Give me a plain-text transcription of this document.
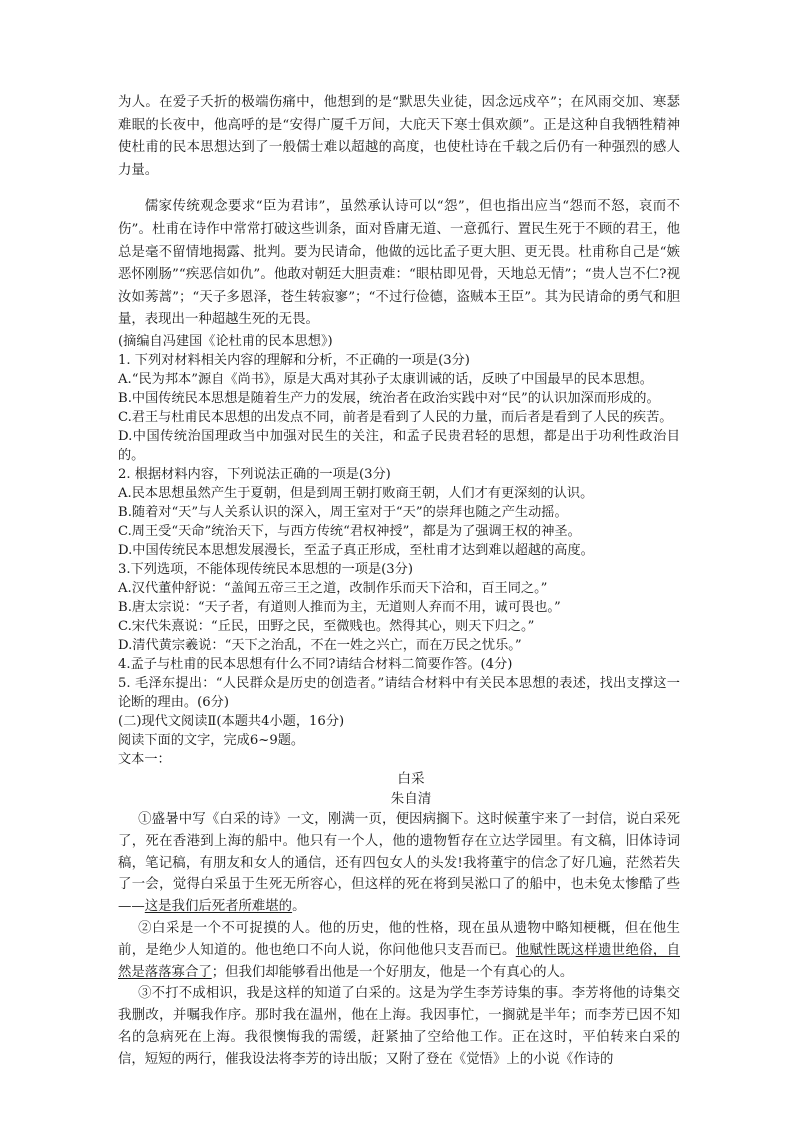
为人。在爱子夭折的极端伤痛中，他想到的是“默思失业徒，因念远戍卒”；在风雨交加、寒瑟难眠的长夜中，他高呼的是“安得广厦千万间，大庇天下寒士俱欢颜”。正是这种自我牺牲精神使杜甫的民本思想达到了一般儒士难以超越的高度，也使杜诗在千载之后仍有一种强烈的感人力量。

儒家传统观念要求“臣为君讳”，虽然承认诗可以“怨”，但也指出应当“怨而不怒，哀而不伤”。杜甫在诗作中常常打破这些训条，面对昏庸无道、一意孤行、置民生死于不顾的君王，他总是毫不留情地揭露、批判。要为民请命，他做的远比孟子更大胆、更无畏。杜甫称自己是“嫉恶怀刚肠”“疾恶信如仇”。他敢对朝廷大胆责难：“眼枯即见骨，天地总无情”；“贵人岂不仁?视汝如莠蒿”；“天子多恩泽，苍生转寂寥”；“不过行俭德，盗贼本王臣”。其为民请命的勇气和胆量，表现出一种超越生死的无畏。

(摘编自冯建国《论杜甫的民本思想》)

1. 下列对材料相关内容的理解和分析，不正确的一项是(3分)

A.“民为邦本”源自《尚书》，原是大禹对其孙子太康训诫的话，反映了中国最早的民本思想。

B.中国传统民本思想是随着生产力的发展，统治者在政治实践中对“民”的认识加深而形成的。

C.君王与杜甫民本思想的出发点不同，前者是看到了人民的力量，而后者是看到了人民的疾苦。

D.中国传统治国理政当中加强对民生的关注，和孟子民贵君轻的思想，都是出于功利性政治目的。

2. 根据材料内容，下列说法正确的一项是(3分)

A.民本思想虽然产生于夏朝，但是到周王朝打败商王朝，人们才有更深刻的认识。

B.随着对“天”与人关系认识的深入，周王室对于“天”的崇拜也随之产生动摇。

C.周王受“天命”统治天下，与西方传统“君权神授”，都是为了强调王权的神圣。

D.中国传统民本思想发展漫长，至孟子真正形成，至杜甫才达到难以超越的高度。

3.下列选项，不能体现传统民本思想的一项是(3分)

A.汉代董仲舒说：“盖闻五帝三王之道，改制作乐而天下洽和，百王同之。”

B.唐太宗说：“天子者，有道则人推而为主，无道则人弃而不用，诚可畏也。”

C.宋代朱熹说：“丘民，田野之民，至微贱也。然得其心，则天下归之。”

D.清代黄宗羲说：“天下之治乱，不在一姓之兴亡，而在万民之忧乐。”

4.孟子与杜甫的民本思想有什么不同?请结合材料二简要作答。(4分)

5. 毛泽东提出：“人民群众是历史的创造者。”请结合材料中有关民本思想的表述，找出支撑这一论断的理由。(6分)

(二)现代文阅读Ⅱ(本题共4小题，16分)

阅读下面的文字，完成6~9题。

文本一：

白采

朱自清

①盛暑中写《白采的诗》一文，刚满一页，便因病搁下。这时候董宇来了一封信，说白采死了，死在香港到上海的船中。他只有一个人，他的遗物暂存在立达学园里。有文稿，旧体诗词稿，笔记稿，有朋友和女人的通信，还有四包女人的头发!我将董宇的信念了好几遍，茫然若失了一会，觉得白采虽于生死无所容心，但这样的死在将到吴淞口了的船中，也未免太惨酷了些——这是我们后死者所难堪的。

②白采是一个不可捉摸的人。他的历史，他的性格，现在虽从遗物中略知梗概，但在他生前，是绝少人知道的。他也绝口不向人说，你问他他只支吾而已。他赋性既这样遗世绝俗，自然是落落寡合了；但我们却能够看出他是一个好朋友，他是一个有真心的人。

③不打不成相识，我是这样的知道了白采的。这是为学生李芳诗集的事。李芳将他的诗集交我删改，并嘱我作序。那时我在温州，他在上海。我因事忙，一搁就是半年；而李芳已因不知名的急病死在上海。我很懊悔我的需缓，赶紧抽了空给他工作。正在这时，平伯转来白采的信，短短的两行，催我设法将李芳的诗出版；又附了登在《觉悟》上的小说《作诗的
